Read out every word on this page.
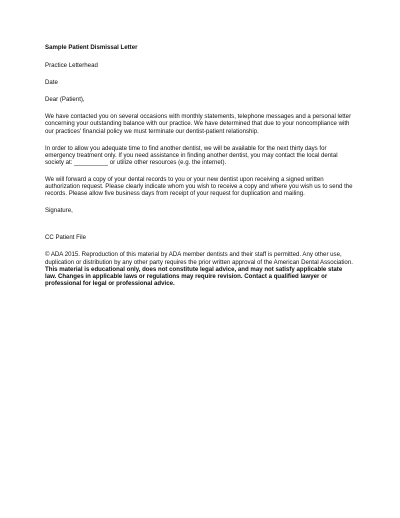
Sample Patient Dismissal Letter
Practice Letterhead
Date
Dear (Patient),
We have contacted you on several occasions with monthly statements, telephone messages and a personal letter
concerning your outstanding balance with our practice. We have determined that due to your noncompliance with
our practices' financial policy we must terminate our dentist-patient relationship.
In order to allow you adequate time to find another dentist, we will be available for the next thirty days for
emergency treatment only. If you need assistance in finding another dentist, you may contact the local dental
society at: __________ or utilize other resources (e.g. the internet).
We will forward a copy of your dental records to you or your new dentist upon receiving a signed written
authorization request. Please clearly indicate whom you wish to receive a copy and where you wish us to send the
records. Please allow five business days from receipt of your request for duplication and mailing.
Signature,
CC Patient File
© ADA 2015. Reproduction of this material by ADA member dentists and their staff is permitted. Any other use,
duplication or distribution by any other party requires the prior written approval of the American Dental Association.
This material is educational only, does not constitute legal advice, and may not satisfy applicable state
law. Changes in applicable laws or regulations may require revision. Contact a qualified lawyer or
professional for legal or professional advice.
